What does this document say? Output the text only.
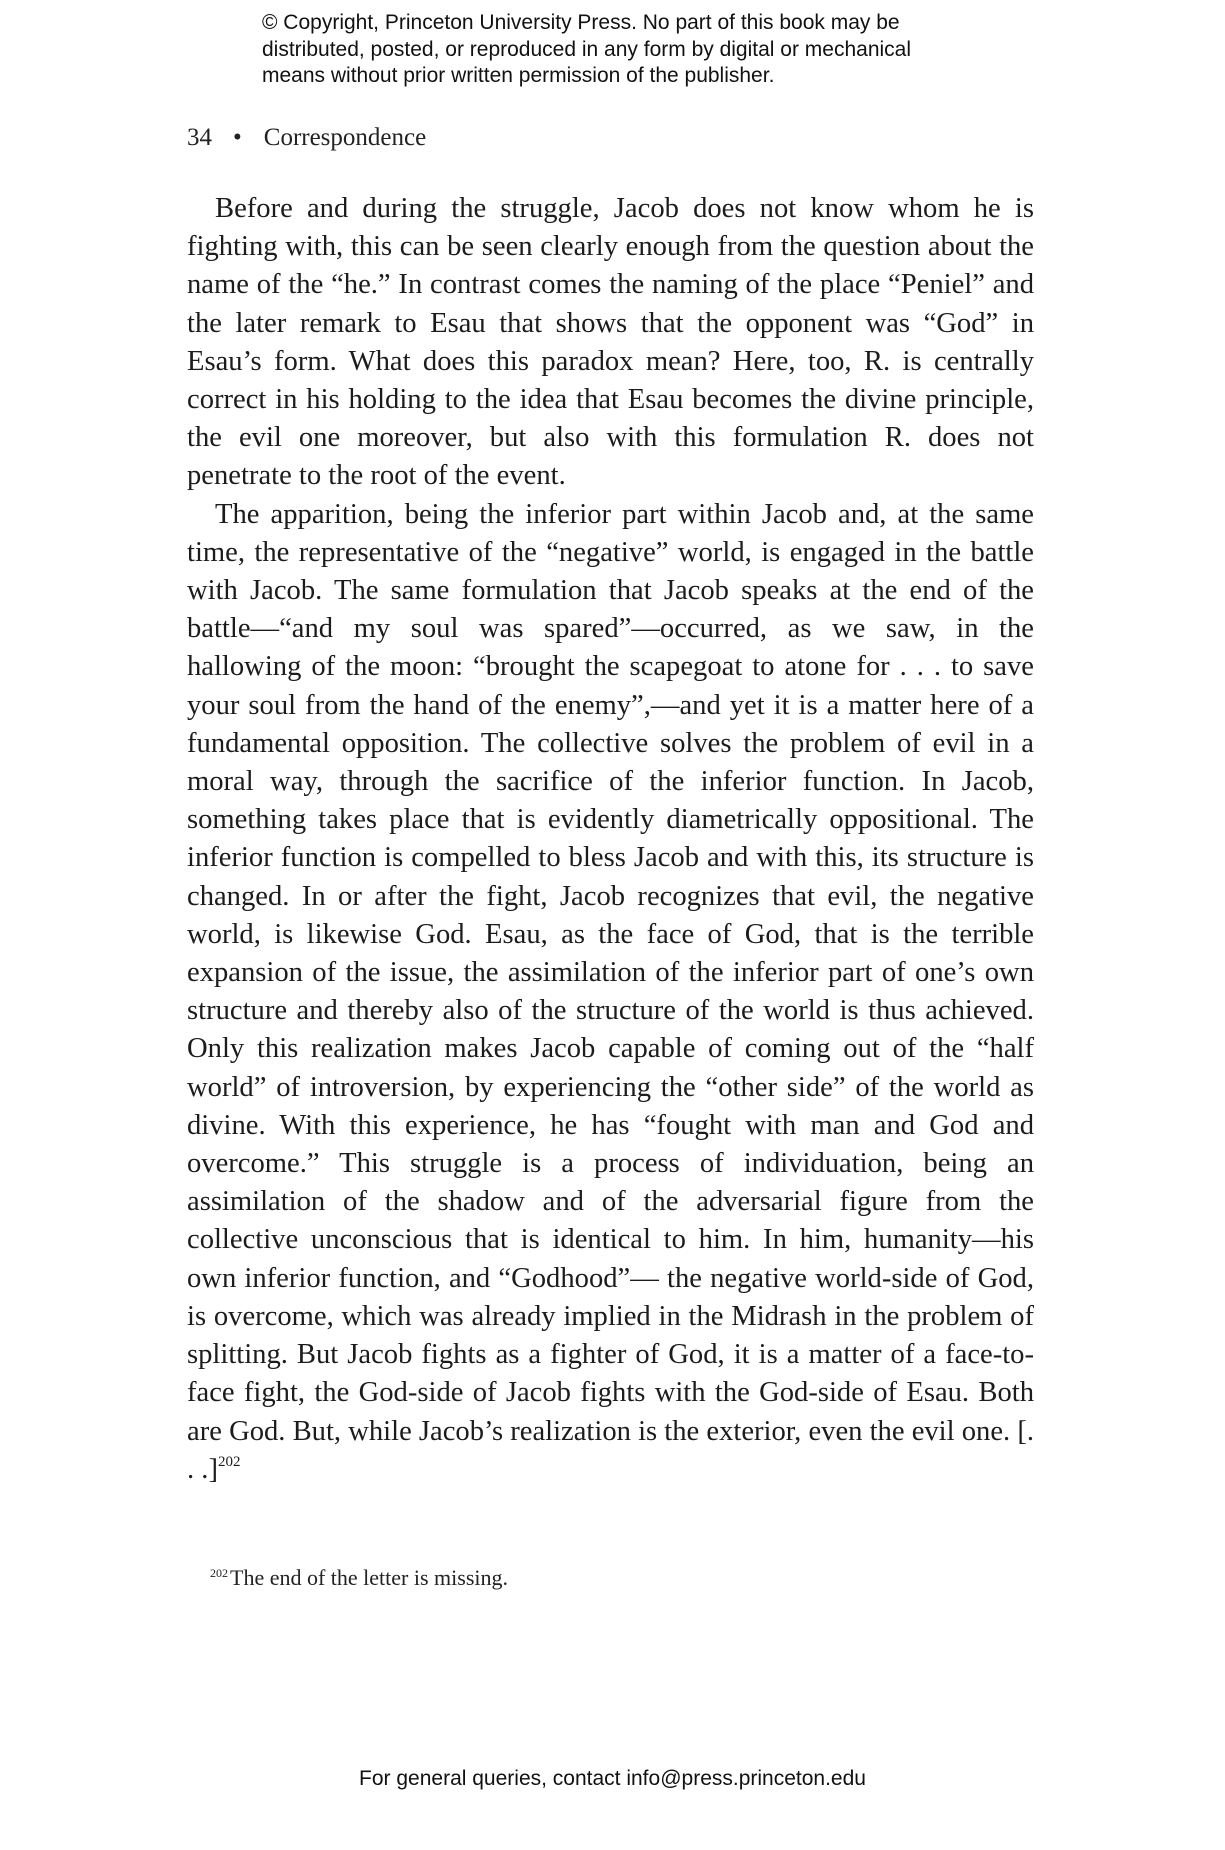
© Copyright, Princeton University Press. No part of this book may be
distributed, posted, or reproduced in any form by digital or mechanical
means without prior written permission of the publisher.
34 • Correspondence

Before and during the struggle, Jacob does not know whom he is fighting with, this can be seen clearly enough from the question about the name of the “he.” In contrast comes the naming of the place “Peniel” and the later remark to Esau that shows that the opponent was “God” in Esau’s form. What does this paradox mean? Here, too, R. is centrally correct in his holding to the idea that Esau becomes the divine principle, the evil one moreover, but also with this formulation R. does not penetrate to the root of the event.

The apparition, being the inferior part within Jacob and, at the same time, the representative of the “negative” world, is engaged in the battle with Jacob. The same formulation that Jacob speaks at the end of the battle—“and my soul was spared”—occurred, as we saw, in the hallowing of the moon: “brought the scapegoat to atone for . . . to save your soul from the hand of the enemy”,—and yet it is a matter here of a fundamental opposition. The collective solves the problem of evil in a moral way, through the sacrifice of the inferior function. In Jacob, something takes place that is evidently diametrically oppositional. The inferior function is compelled to bless Jacob and with this, its structure is changed. In or after the fight, Jacob recognizes that evil, the negative world, is likewise God. Esau, as the face of God, that is the terrible expansion of the issue, the assimilation of the inferior part of one’s own structure and thereby also of the structure of the world is thus achieved. Only this realization makes Jacob capable of coming out of the “half world” of introversion, by experiencing the “other side” of the world as divine. With this experience, he has “fought with man and God and overcome.” This struggle is a process of individuation, being an assimilation of the shadow and of the adversarial figure from the collective unconscious that is identical to him. In him, humanity—his own inferior function, and “Godhood”— the negative world-side of God, is overcome, which was already implied in the Midrash in the problem of splitting. But Jacob fights as a fighter of God, it is a matter of a face-to-face fight, the God-side of Jacob fights with the God-side of Esau. Both are God. But, while Jacob’s realization is the exterior, even the evil one. [. . .]$^{202}$

$^{202}$The end of the letter is missing.
For general queries, contact info@press.princeton.edu
